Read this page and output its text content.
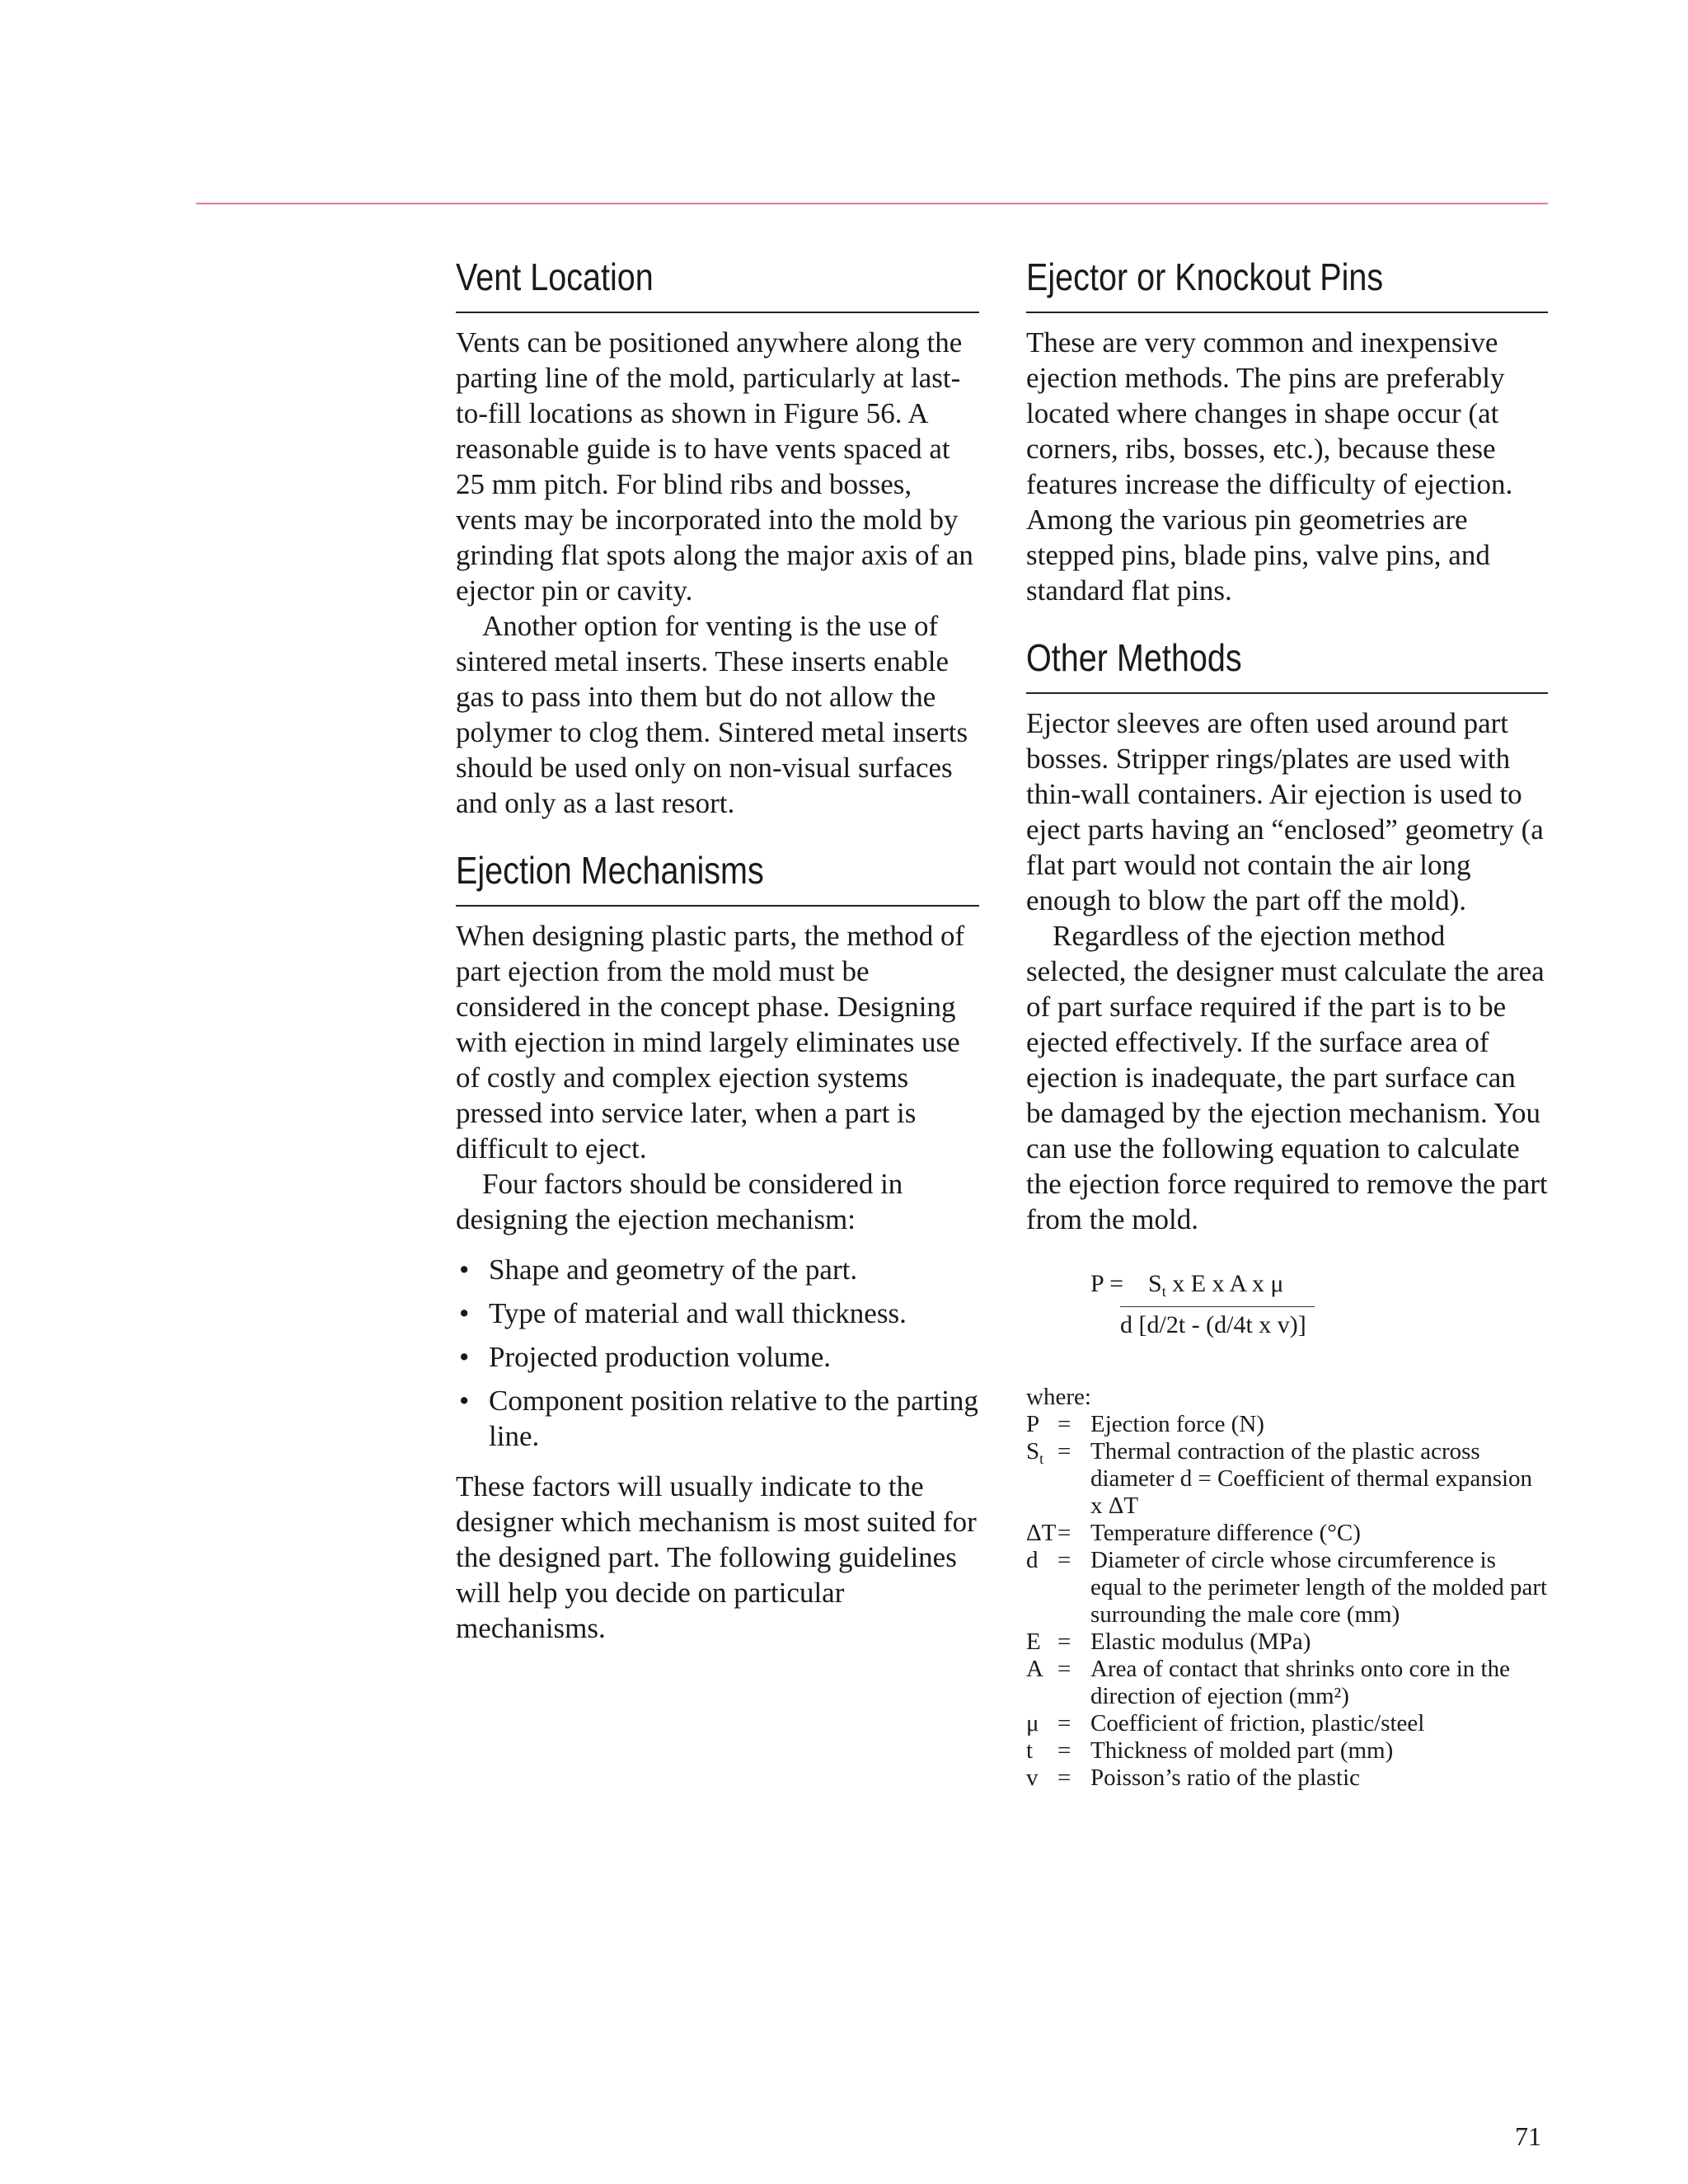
Vent Location

Vents can be positioned anywhere along the parting line of the mold, particularly at last-to-fill locations as shown in Figure 56. A reasonable guide is to have vents spaced at 25 mm pitch. For blind ribs and bosses, vents may be incorporated into the mold by grinding flat spots along the major axis of an ejector pin or cavity.

Another option for venting is the use of sintered metal inserts. These inserts enable gas to pass into them but do not allow the polymer to clog them. Sintered metal inserts should be used only on non-visual surfaces and only as a last resort.

Ejection Mechanisms

When designing plastic parts, the method of part ejection from the mold must be considered in the concept phase. Designing with ejection in mind largely eliminates use of costly and complex ejection systems pressed into service later, when a part is difficult to eject.

Four factors should be considered in designing the ejection mechanism:

• Shape and geometry of the part.
• Type of material and wall thickness.
• Projected production volume.
• Component position relative to the parting line.

These factors will usually indicate to the designer which mechanism is most suited for the designed part. The following guidelines will help you decide on particular mechanisms.

Ejector or Knockout Pins

These are very common and inexpensive ejection methods. The pins are preferably located where changes in shape occur (at corners, ribs, bosses, etc.), because these features increase the difficulty of ejection. Among the various pin geometries are stepped pins, blade pins, valve pins, and standard flat pins.

Other Methods

Ejector sleeves are often used around part bosses. Stripper rings/plates are used with thin-wall containers. Air ejection is used to eject parts having an “enclosed” geometry (a flat part would not contain the air long enough to blow the part off the mold).

Regardless of the ejection method selected, the designer must calculate the area of part surface required if the part is to be ejected effectively. If the surface area of ejection is inadequate, the part surface can be damaged by the ejection mechanism. You can use the following equation to calculate the ejection force required to remove the part from the mold.

$P = S_t$ x E x A x μ
d [d/2t - (d/4t x v)]
where:
P = Ejection force (N)
$S_t$ = Thermal contraction of the plastic across diameter d = Coefficient of thermal expansion x ΔT
ΔT = Temperature difference (°C)
d = Diameter of circle whose circumference is equal to the perimeter length of the molded part surrounding the male core (mm)
E = Elastic modulus (MPa)
A = Area of contact that shrinks onto core in the direction of ejection (mm²)
μ = Coefficient of friction, plastic/steel
t	= Thickness of molded part (mm)
v = Poisson’s ratio of the plastic
71
